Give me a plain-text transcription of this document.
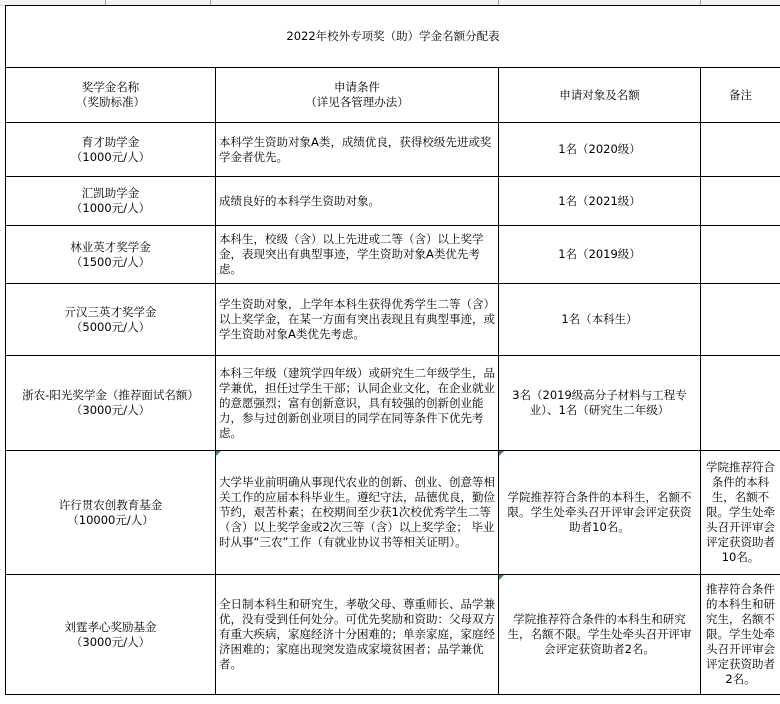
2022年校外专项奖（助）学金名额分配表			

奖学金名称
（奖励标准）	申请条件
（详见各管理办法）	申请对象及名额	备注

育才助学金
（1000元/人）	本科学生资助对象A类，成绩优良，获得校级先进或奖学金者优先。	1名（2020级）	

汇凯助学金
（1000元/人）	成绩良好的本科学生资助对象。	1名（2021级）	

林业英才奖学金
（1500元/人）	本科生，校级（含）以上先进或二等（含）以上奖学金，表现突出有典型事迹，学生资助对象A类优先考虑。	1名（2019级）	

亓汉三英才奖学金
（5000元/人）	学生资助对象，上学年本科生获得优秀学生二等（含）以上奖学金，在某一方面有突出表现且有典型事迹，或学生资助对象A类优先考虑。	1名（本科生）	

浙农-阳光奖学金（推荐面试名额）
（3000元/人）	本科三年级（建筑学四年级）或研究生二年级学生，品学兼优，担任过学生干部；认同企业文化，在企业就业的意愿强烈；富有创新意识，具有较强的创新创业能力，参与过创新创业项目的同学在同等条件下优先考虑。	3名（2019级高分子材料与工程专业）、1名（研究生二年级）	

许行贯农创教育基金
（10000元/人）	大学毕业前明确从事现代农业的创新、创业、创意等相关工作的应届本科毕业生。遵纪守法，品德优良，勤俭节约，艰苦朴素；在校期间至少获1次校优秀学生二等（含）以上奖学金或2次三等（含）以上奖学金； 毕业时从事“三农”工作（有就业协议书等相关证明）。	学院推荐符合条件的本科生，名额不限。学生处牵头召开评审会评定获资助者10名。	学院推荐符合条件的本科生，名额不限。学生处牵头召开评审会评定获资助者10名。

刘霆孝心奖励基金
（3000元/人）	全日制本科生和研究生，孝敬父母、尊重师长、品学兼优，没有受到任何处分。可优先奖励和资助：父母双方有重大疾病，家庭经济十分困难的；单亲家庭，家庭经济困难的；家庭出现突发造成家境贫困者；品学兼优者。	学院推荐符合条件的本科生和研究生，名额不限。学生处牵头召开评审会评定获资助者2名。	推荐符合条件的本科生和研究生，名额不限。学生处牵头召开评审会评定获资助者2名。
